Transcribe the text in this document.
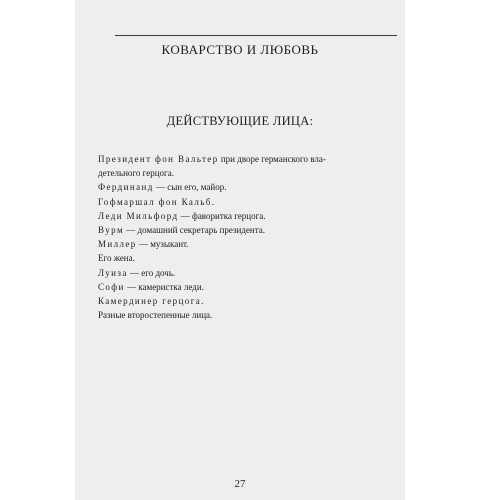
КОВАРСТВО И ЛЮБОВЬ
ДЕЙСТВУЮЩИЕ ЛИЦА:
Президент фон Вальтер при дворе германского вла-
детельного герцога.
Фердинанд — сын его, майор.
Гофмаршал фон Кальб.
Леди Мильфорд — фаворитка герцога.
Вурм — домашний секретарь президента.
Миллер — музыкант.
Его жена.
Луиза — его дочь.
Софи — камеристка леди.
Камердинер герцога.
Разные второстепенные лица.
27
